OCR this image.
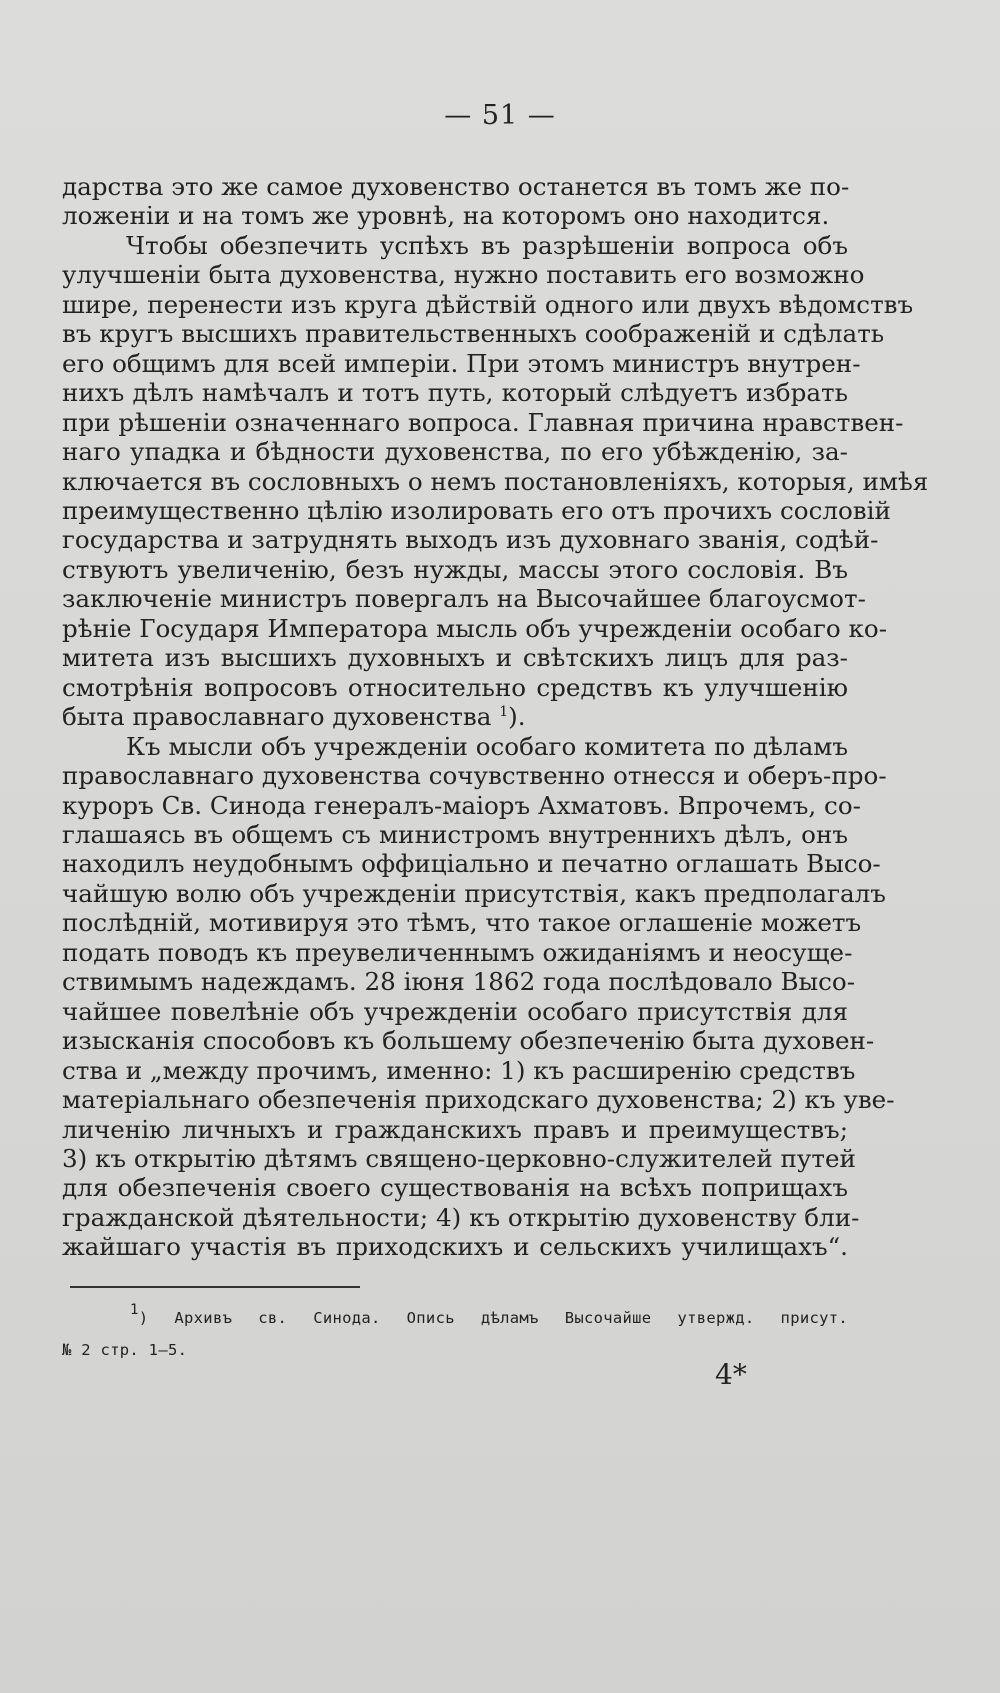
— 51 —
дарства это же самое духовенство останется въ томъ же по-
ложенiи и на томъ же уровнѣ, на которомъ оно находится.
Чтобы обезпечить успѣхъ въ разрѣшенiи вопроса объ
улучшенiи быта духовенства, нужно поставить его возможно
шире, перенести изъ круга дѣйствiй одного или двухъ вѣдомствъ
въ кругъ высшихъ правительственныхъ соображенiй и сдѣлать
его общимъ для всей имперiи. При этомъ министръ внутрен-
нихъ дѣлъ намѣчалъ и тотъ путь, который слѣдуетъ избрать
при рѣшенiи означеннаго вопроса. Главная причина нравствен-
наго упадка и бѣдности духовенства, по его убѣжденiю, за-
ключается въ сословныхъ о немъ постановленiяхъ, которыя, имѣя
преимущественно цѣлiю изолировать его отъ прочихъ сословiй
государства и затруднять выходъ изъ духовнаго званiя, содѣй-
ствуютъ увеличенiю, безъ нужды, массы этого сословiя. Въ
заключенiе министръ повергалъ на Высочайшее благоусмот-
рѣнiе Государя Императора мысль объ учрежденiи особаго ко-
митета изъ высшихъ духовныхъ и свѣтскихъ лицъ для раз-
смотрѣнiя вопросовъ относительно средствъ къ улучшенiю
быта православнаго духовенства $^1$).
Къ мысли объ учрежденiи особаго комитета по дѣламъ
православнаго духовенства сочувственно отнесся и оберъ-про-
куроръ Св. Синода генералъ-маiоръ Ахматовъ. Впрочемъ, со-
глашаясь въ общемъ съ министромъ внутреннихъ дѣлъ, онъ
находилъ неудобнымъ оффицiально и печатно оглашать Высо-
чайшую волю объ учрежденiи присутствiя, какъ предполагалъ
послѣднiй, мотивируя это тѣмъ, что такое оглашенiе можетъ
подать поводъ къ преувеличеннымъ ожиданiямъ и неосуще-
ствимымъ надеждамъ. 28 iюня 1862 года послѣдовало Высо-
чайшее повелѣнiе объ учрежденiи особаго присутствiя для
изысканiя способовъ къ большему обезпеченiю быта духовен-
ства и „между прочимъ, именно: 1) къ расширенiю средствъ
матерiальнаго обезпеченiя приходскаго духовенства; 2) къ уве-
личенiю личныхъ и гражданскихъ правъ и преимуществъ;
3) къ открытiю дѣтямъ священо-церковно-служителей путей
для обезпеченiя своего существованiя на всѣхъ поприщахъ
гражданской дѣятельности; 4) къ открытiю духовенству бли-
жайшаго участiя въ приходскихъ и сельскихъ училищахъ“.
$^1$) Архивъ св. Синода. Опись дѣламъ Высочайше утвержд. присут.
№ 2 стр. 1—5.
4*
